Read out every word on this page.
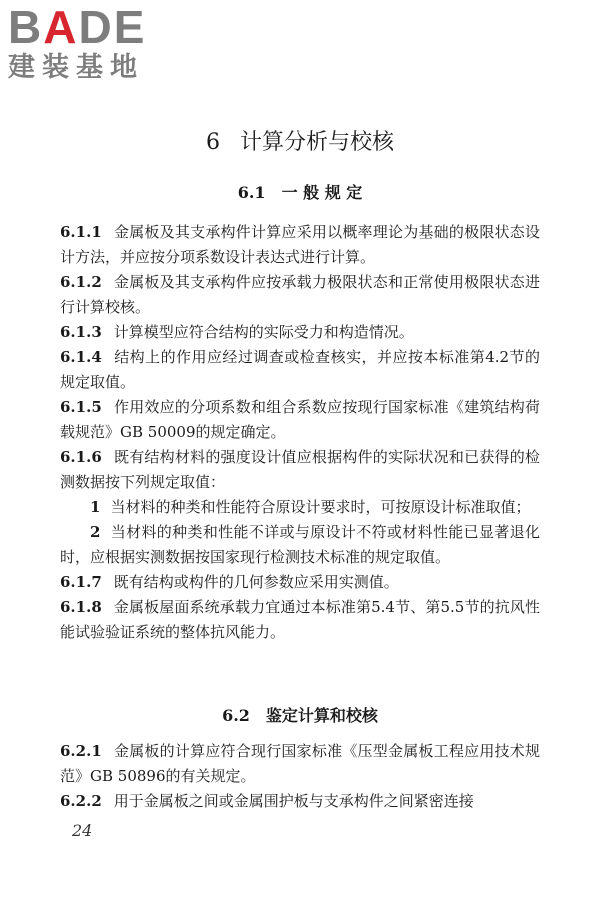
BADE
建装基地
6 计算分析与校核
6.1 一 般 规 定

6.1.1 金属板及其支承构件计算应采用以概率理论为基础的极限状态设计方法，并应按分项系数设计表达式进行计算。

6.1.2 金属板及其支承构件应按承载力极限状态和正常使用极限状态进行计算校核。

6.1.3 计算模型应符合结构的实际受力和构造情况。

6.1.4 结构上的作用应经过调查或检查核实，并应按本标准第4.2节的规定取值。

6.1.5 作用效应的分项系数和组合系数应按现行国家标准《建筑结构荷载规范》GB 50009的规定确定。

6.1.6 既有结构材料的强度设计值应根据构件的实际状况和已获得的检测数据按下列规定取值：

1 当材料的种类和性能符合原设计要求时，可按原设计标准取值；

2 当材料的种类和性能不详或与原设计不符或材料性能已显著退化时，应根据实测数据按国家现行检测技术标准的规定取值。

6.1.7 既有结构或构件的几何参数应采用实测值。

6.1.8 金属板屋面系统承载力宜通过本标准第5.4节、第5.5节的抗风性能试验验证系统的整体抗风能力。

6.2 鉴定计算和校核

6.2.1 金属板的计算应符合现行国家标准《压型金属板工程应用技术规范》GB 50896的有关规定。

6.2.2 用于金属板之间或金属围护板与支承构件之间紧密连接

24
